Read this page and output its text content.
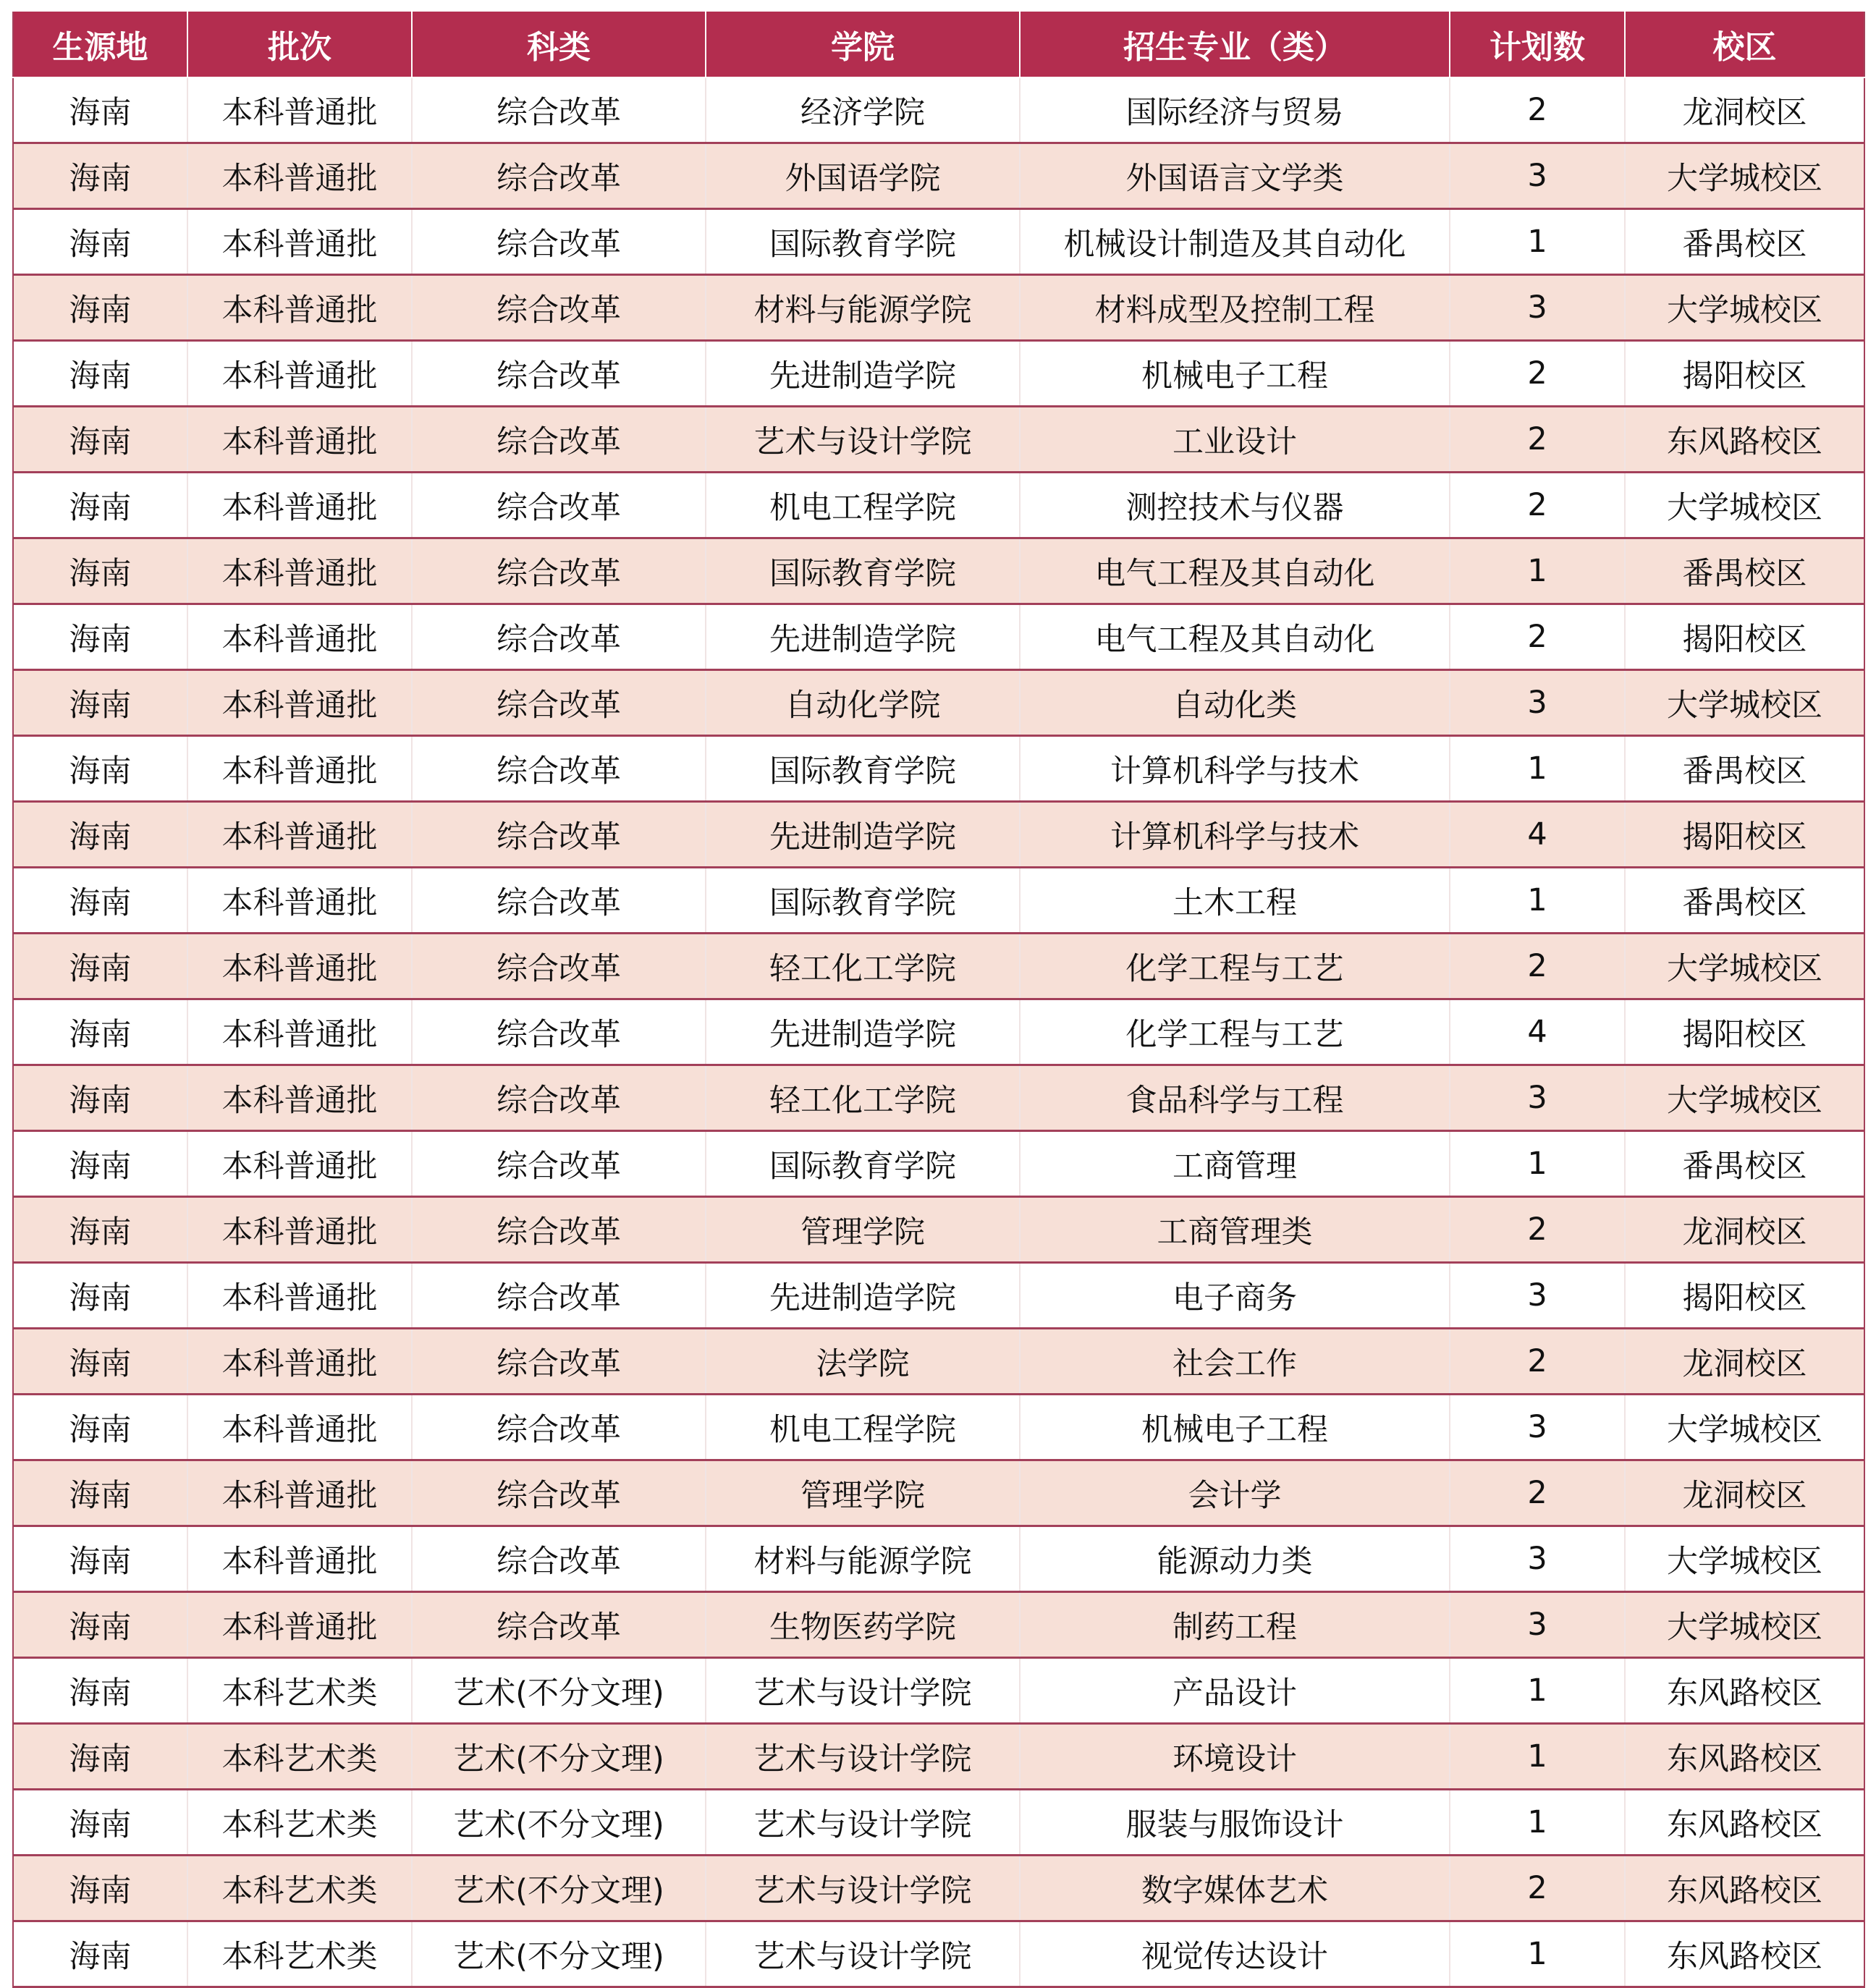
生源地	批次	科类	学院	招生专业（类）	计划数	校区
海南	本科普通批	综合改革	经济学院	国际经济与贸易	2	龙洞校区
海南	本科普通批	综合改革	外国语学院	外国语言文学类	3	大学城校区
海南	本科普通批	综合改革	国际教育学院	机械设计制造及其自动化	1	番禺校区
海南	本科普通批	综合改革	材料与能源学院	材料成型及控制工程	3	大学城校区
海南	本科普通批	综合改革	先进制造学院	机械电子工程	2	揭阳校区
海南	本科普通批	综合改革	艺术与设计学院	工业设计	2	东风路校区
海南	本科普通批	综合改革	机电工程学院	测控技术与仪器	2	大学城校区
海南	本科普通批	综合改革	国际教育学院	电气工程及其自动化	1	番禺校区
海南	本科普通批	综合改革	先进制造学院	电气工程及其自动化	2	揭阳校区
海南	本科普通批	综合改革	自动化学院	自动化类	3	大学城校区
海南	本科普通批	综合改革	国际教育学院	计算机科学与技术	1	番禺校区
海南	本科普通批	综合改革	先进制造学院	计算机科学与技术	4	揭阳校区
海南	本科普通批	综合改革	国际教育学院	土木工程	1	番禺校区
海南	本科普通批	综合改革	轻工化工学院	化学工程与工艺	2	大学城校区
海南	本科普通批	综合改革	先进制造学院	化学工程与工艺	4	揭阳校区
海南	本科普通批	综合改革	轻工化工学院	食品科学与工程	3	大学城校区
海南	本科普通批	综合改革	国际教育学院	工商管理	1	番禺校区
海南	本科普通批	综合改革	管理学院	工商管理类	2	龙洞校区
海南	本科普通批	综合改革	先进制造学院	电子商务	3	揭阳校区
海南	本科普通批	综合改革	法学院	社会工作	2	龙洞校区
海南	本科普通批	综合改革	机电工程学院	机械电子工程	3	大学城校区
海南	本科普通批	综合改革	管理学院	会计学	2	龙洞校区
海南	本科普通批	综合改革	材料与能源学院	能源动力类	3	大学城校区
海南	本科普通批	综合改革	生物医药学院	制药工程	3	大学城校区
海南	本科艺术类	艺术(不分文理)	艺术与设计学院	产品设计	1	东风路校区
海南	本科艺术类	艺术(不分文理)	艺术与设计学院	环境设计	1	东风路校区
海南	本科艺术类	艺术(不分文理)	艺术与设计学院	服装与服饰设计	1	东风路校区
海南	本科艺术类	艺术(不分文理)	艺术与设计学院	数字媒体艺术	2	东风路校区
海南	本科艺术类	艺术(不分文理)	艺术与设计学院	视觉传达设计	1	东风路校区
